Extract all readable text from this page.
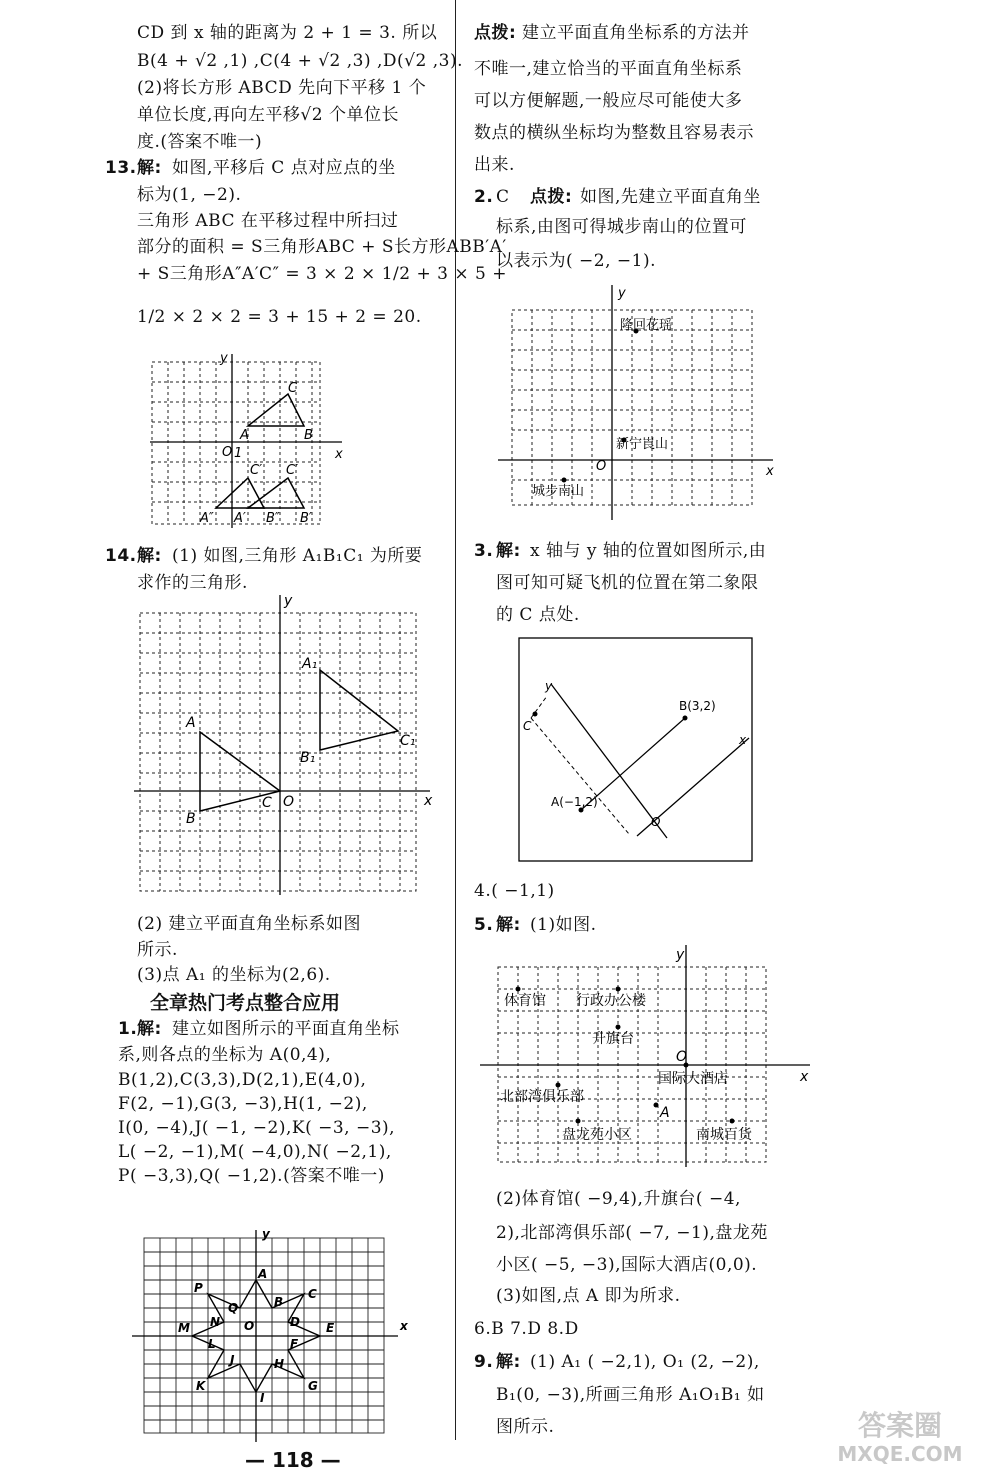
CD 到 x 轴的距离为 2 + 1 = 3. 所以
B(4 + √2 ,1) ,C(4 + √2 ,3) ,D(√2 ,3).
(2)将长方形 ABCD 先向下平移 1 个
单位长度,再向左平移√2 个单位长
度.(答案不唯一)
13. 解: 如图,平移后 C 点对应点的坐
标为(1, −2).
三角形 ABC 在平移过程中所扫过
部分的面积 = S三角形ABC + S长方形ABB′A′
+ S三角形A″A′C″ = 3 × 2 × 1/2 + 3 × 5 +
1/2 × 2 × 2 = 3 + 15 + 2 = 20.
x
y
O
A	B
C
1
C′ C′
A″ A′ B″ B′
14. 解: (1) 如图,三角形 A₁B₁C₁ 为所要
求作的三角形.
x
y
O
A
B
C
A₁
B₁
C₁
(2) 建立平面直角坐标系如图
所示.
(3)点 A₁ 的坐标为(2,6).
全章热门考点整合应用
1. 解: 建立如图所示的平面直角坐标
系,则各点的坐标为 A(0,4),
B(1,2),C(3,3),D(2,1),E(4,0),
F(2, −1),G(3, −3),H(1, −2),
I(0, −4),J( −1, −2),K( −3, −3),
L( −2, −1),M( −4,0),N( −2,1),
P( −3,3),Q( −1,2).(答案不唯一)
A
B
C
D E
F
G
H
I
J
K
L
M N
P
Q
x
y
O
— 118 —
点拨: 建立平面直角坐标系的方法并
不唯一,建立恰当的平面直角坐标系
可以方便解题,一般应尽可能使大多
数点的横纵坐标均为整数且容易表示
出来.
2. C 点拨: 如图,先建立平面直角坐
标系,由图可得城步南山的位置可
以表示为( −2, −1).
隆回花瑶
新宁崀山
城步南山
O	x
y
3. 解: x 轴与 y 轴的位置如图所示,由
图可知可疑飞机的位置在第二象限
的 C 点处.
A(−1,2)
B(3,2)
C
O
x
y
4.( −1,1)
5. 解: (1)如图.
体育馆 行政办公楼
升旗台
国际大酒店
北部湾俱乐部
盘龙苑小区	南城百货
A
O
x
y
(2)体育馆( −9,4),升旗台( −4,
2),北部湾俱乐部( −7, −1),盘龙苑
小区( −5, −3),国际大酒店(0,0).
(3)如图,点 A 即为所求.
6.B 7.D 8.D
9. 解: (1) A₁ ( −2,1), O₁ (2, −2),
B₁(0, −3),所画三角形 A₁O₁B₁ 如
图所示.	答案圈
MXQE.COM
